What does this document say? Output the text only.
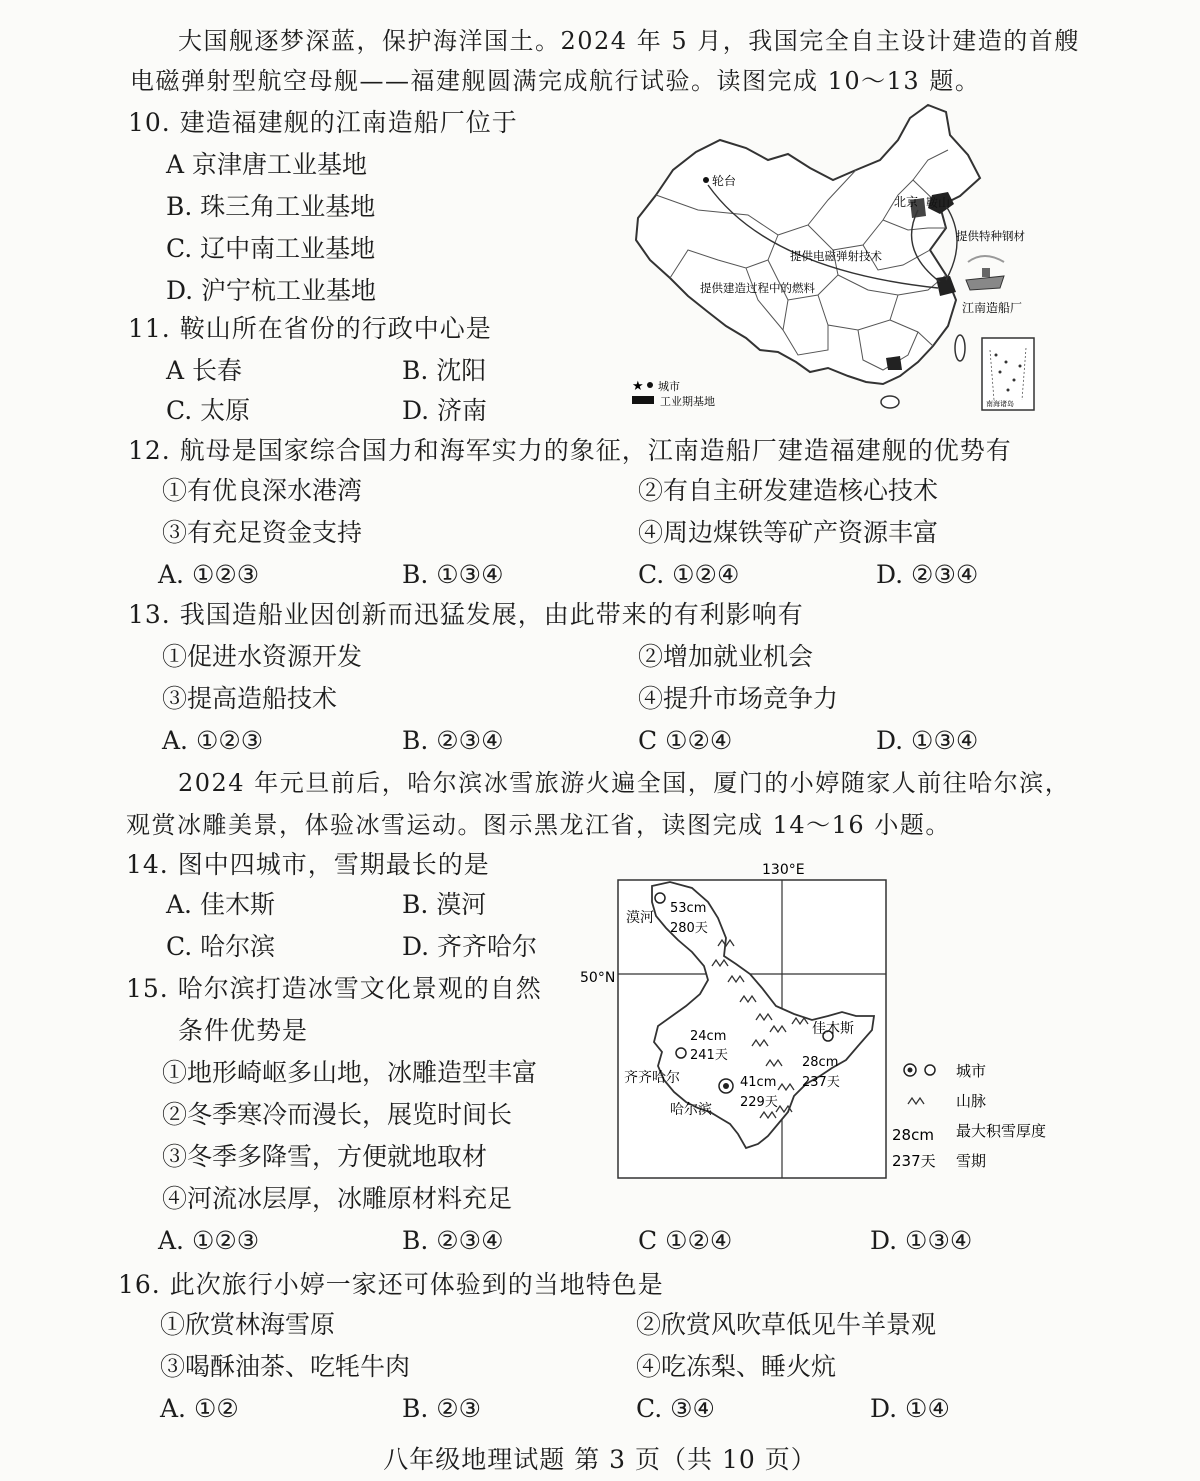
大国舰逐梦深蓝，保护海洋国土。2024 年 5 月，我国完全自主设计建造的首艘
电磁弹射型航空母舰——福建舰圆满完成航行试验。读图完成 10～13 题。
10. 建造福建舰的江南造船厂位于
A 京津唐工业基地
B. 珠三角工业基地
C. 辽中南工业基地
D. 沪宁杭工业基地
11. 鞍山所在省份的行政中心是
A 长春	B. 沈阳
C. 太原	D. 济南
轮台
北京 鞍山
提供特种钢材
提供电磁弹射技术
提供建造过程中的燃料
江南造船厂
南海诸岛
★ 城市
工业期基地
12. 航母是国家综合国力和海军实力的象征，江南造船厂建造福建舰的优势有
①有优良深水港湾	②有自主研发建造核心技术
③有充足资金支持	④周边煤铁等矿产资源丰富
A. ①②③	B. ①③④	C. ①②④	D. ②③④
13. 我国造船业因创新而迅猛发展，由此带来的有利影响有
①促进水资源开发	②增加就业机会
③提高造船技术	④提升市场竞争力
A. ①②③	B. ②③④	C ①②④	D. ①③④
2024 年元旦前后，哈尔滨冰雪旅游火遍全国，厦门的小婷随家人前往哈尔滨，
观赏冰雕美景，体验冰雪运动。图示黑龙江省，读图完成 14～16 小题。
14. 图中四城市，雪期最长的是
A. 佳木斯	B. 漠河
C. 哈尔滨	D. 齐齐哈尔
15. 哈尔滨打造冰雪文化景观的自然
条件优势是
①地形崎岖多山地，冰雕造型丰富
②冬季寒冷而漫长，展览时间长
③冬季多降雪，方便就地取材
④河流冰层厚，冰雕原材料充足
A. ①②③	B. ②③④	C ①②④	D. ①③④
130°E
50°N
漠河
53cm
280天
佳木斯
28cm
237天
齐齐哈尔
24cm
241天
哈尔滨
41cm
229天
城市
山脉
28cm 最大积雪厚度
237天 雪期
16. 此次旅行小婷一家还可体验到的当地特色是
①欣赏林海雪原	②欣赏风吹草低见牛羊景观
③喝酥油茶、吃牦牛肉	④吃冻梨、睡火炕
A. ①②	B. ②③	C. ③④	D. ①④
八年级地理试题 第 3 页（共 10 页）
